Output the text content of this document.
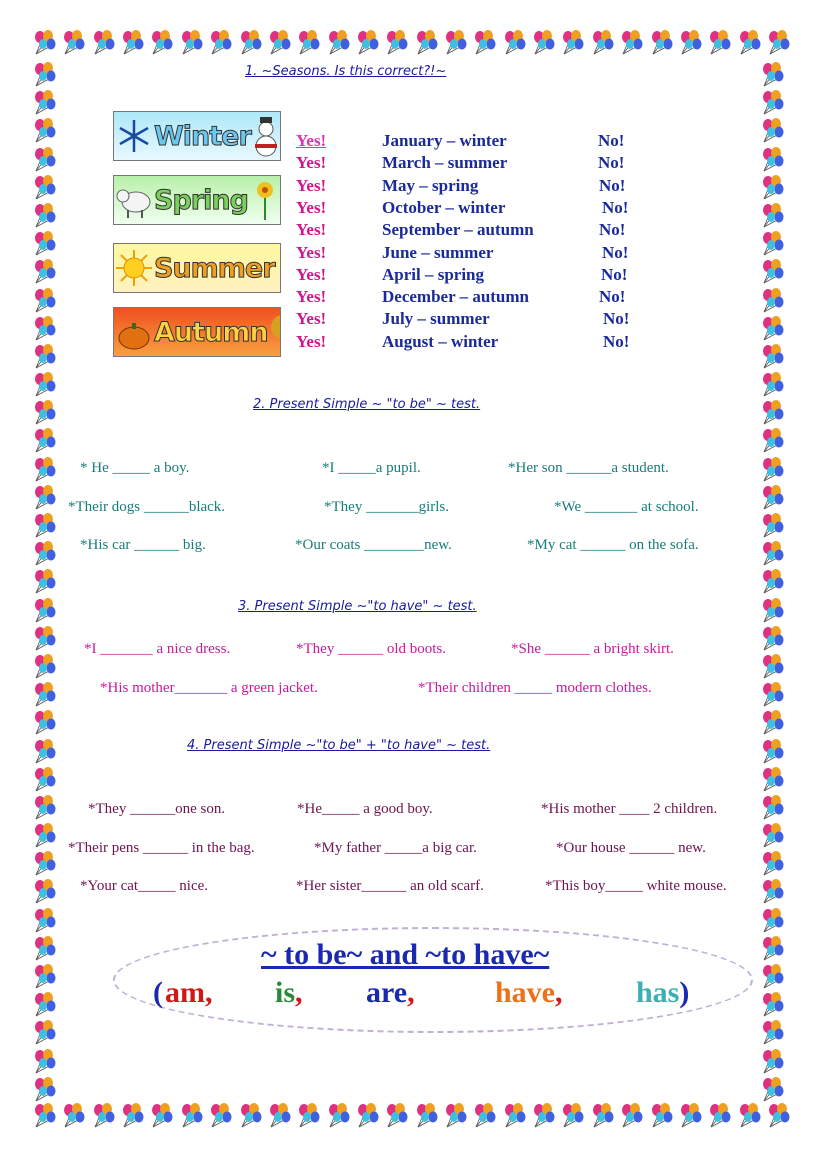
1. ~Seasons. Is this correct?!~
Winter
Spring
Summer
Autumn
Yes!	January – winter	No!
Yes!	March – summer	No!
Yes!	May – spring	No!
Yes!	October – winter	No!
Yes!	September – autumn	No!
Yes!	June – summer	No!
Yes!	April – spring	No!
Yes!	December – autumn	No!
Yes!	July – summer	No!
Yes!	August – winter	No!
2. Present Simple ~ "to be" ~ test.
* He _____ a boy.	*I _____a pupil.	*Her son ______a student.
*Their dogs ______black.	*They _______girls.	*We _______ at school.
*His car ______ big.	*Our coats ________new.	*My cat ______ on the sofa.
3. Present Simple ~"to have" ~ test.
*I _______ a nice dress.	*They ______ old boots.	*She ______ a bright skirt.
*His mother_______ a green jacket.	*Their children _____ modern clothes.
4. Present Simple ~"to be" + "to have" ~ test.
*They ______one son.	*He_____ a good boy.	*His mother ____ 2 children.
*Their pens ______ in the bag.	*My father _____a big car.	*Our house ______ new.
*Your cat_____ nice.	*Her sister______ an old scarf.	*This boy_____ white mouse.
~ to be~ and ~to have~
( am, is, are,	have, has)
